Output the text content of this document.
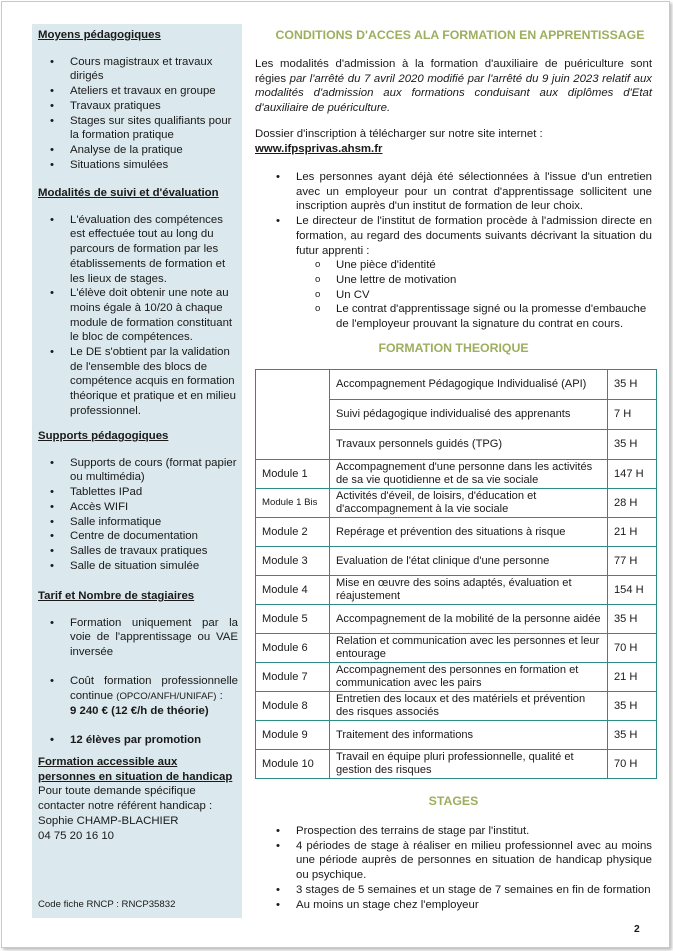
Moyens pédagogiques
• Cours magistraux et travaux dirigés
• Ateliers et travaux en groupe
• Travaux pratiques
• Stages sur sites qualifiants pour la formation pratique
• Analyse de la pratique
• Situations simulées
Modalités de suivi et d'évaluation
• L'évaluation des compétences est effectuée tout au long du parcours de formation par les établissements de formation et les lieux de stages.
• L'élève doit obtenir une note au moins égale à 10/20 à chaque module de formation constituant le bloc de compétences.
• Le DE s'obtient par la validation de l'ensemble des blocs de compétence acquis en formation théorique et pratique et en milieu professionnel.
Supports pédagogiques
• Supports de cours (format papier ou multimédia)
• Tablettes IPad
• Accès WIFI
• Salle informatique
• Centre de documentation
• Salles de travaux pratiques
• Salle de situation simulée
Tarif et Nombre de stagiaires
• Formation uniquement par la voie de l'apprentissage ou VAE inversée
• Coût formation professionnelle continue (OPCO/ANFH/UNIFAF) :
9 240 € (12 €/h de théorie)
• 12 élèves par promotion
Formation accessible aux
personnes en situation de handicap
Pour toute demande spécifique
contacter notre référent handicap :
Sophie CHAMP-BLACHIER
04 75 20 16 10
Code fiche RNCP : RNCP35832
CONDITIONS D'ACCES ALA FORMATION EN APPRENTISSAGE
Les modalités d'admission à la formation d'auxiliaire de puériculture sont régies par l'arrêté du 7 avril 2020 modifié par l'arrêté du 9 juin 2023 relatif aux modalités d'admission aux formations conduisant aux diplômes d'Etat d'auxiliaire de puériculture.
Dossier d'inscription à télécharger sur notre site internet :
www.ifpsprivas.ahsm.fr
• Les personnes ayant déjà été sélectionnées à l'issue d'un entretien avec un employeur pour un contrat d'apprentissage sollicitent une inscription auprès d'un institut de formation de leur choix.
• Le directeur de l'institut de formation procède à l'admission directe en formation, au regard des documents suivants décrivant la situation du futur apprenti :
o Une pièce d'identité
o Une lettre de motivation
o Un CV
o Le contrat d'apprentissage signé ou la promesse d'embauche de l'employeur prouvant la signature du contrat en cours.
FORMATION THEORIQUE
	Accompagnement Pédagogique Individualisé (API)	35 H
	Suivi pédagogique individualisé des apprenants	7 H
	Travaux personnels guidés (TPG)	35 H
Module 1	Accompagnement d'une personne dans les activités de sa vie quotidienne et de sa vie sociale	147 H
Module 1 Bis	Activités d'éveil, de loisirs, d'éducation et d'accompagnement à la vie sociale	28 H
Module 2	Repérage et prévention des situations à risque	21 H
Module 3	Evaluation de l'état clinique d'une personne	77 H
Module 4	Mise en œuvre des soins adaptés, évaluation et réajustement	154 H
Module 5	Accompagnement de la mobilité de la personne aidée	35 H
Module 6	Relation et communication avec les personnes et leur entourage	70 H
Module 7	Accompagnement des personnes en formation et communication avec les pairs	21 H
Module 8	Entretien des locaux et des matériels et prévention des risques associés	35 H
Module 9	Traitement des informations	35 H
Module 10	Travail en équipe pluri professionnelle, qualité et gestion des risques	70 H
STAGES
• Prospection des terrains de stage par l'institut.
• 4 périodes de stage à réaliser en milieu professionnel avec au moins une période auprès de personnes en situation de handicap physique ou psychique.
• 3 stages de 5 semaines et un stage de 7 semaines en fin de formation
• Au moins un stage chez l'employeur
2
